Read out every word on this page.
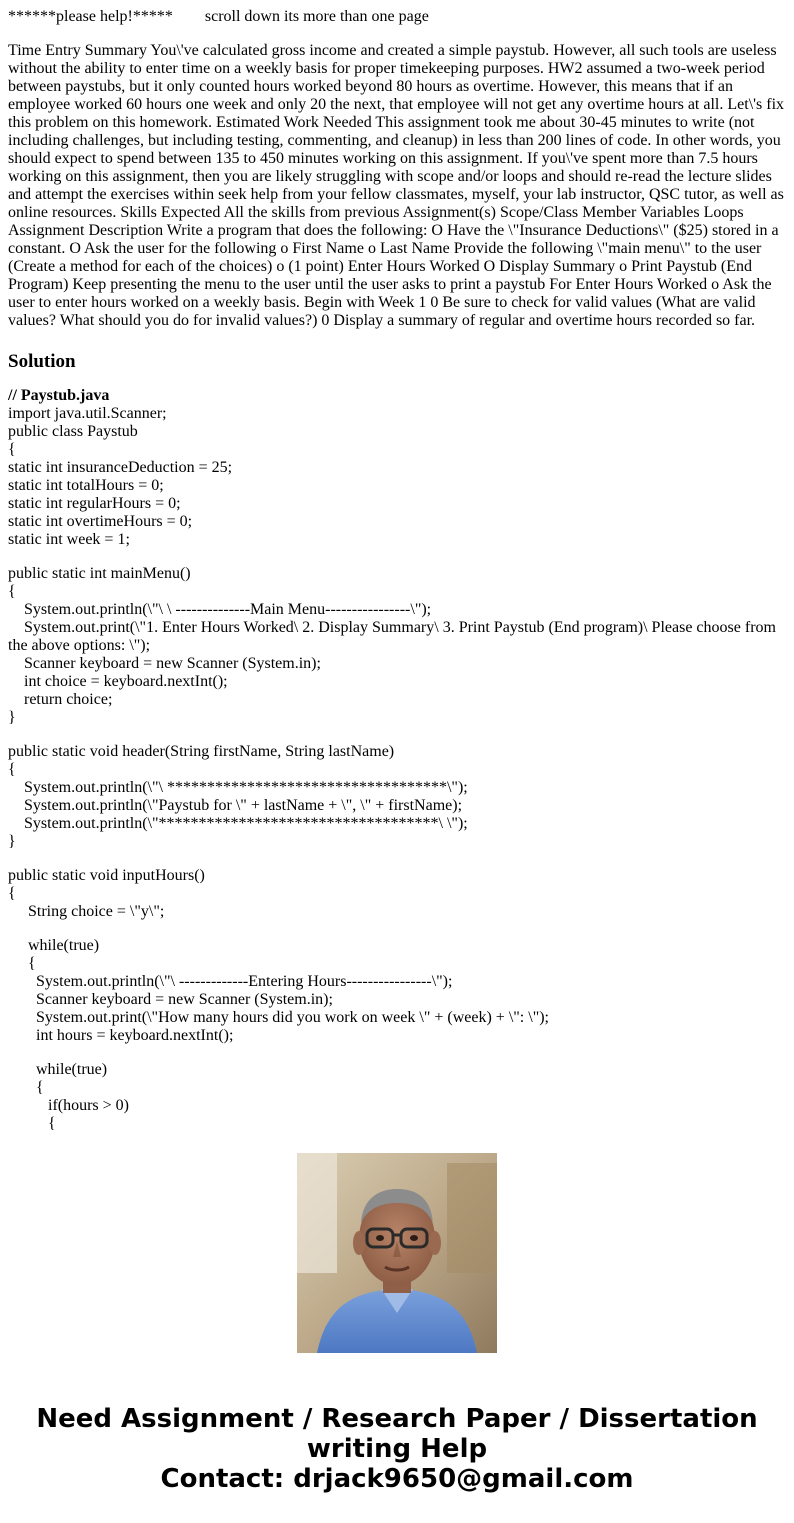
******please help!***** scroll down its more than one page

Time Entry Summary You\'ve calculated gross income and created a simple paystub. However, all such tools are useless without the ability to enter time on a weekly basis for proper timekeeping purposes. HW2 assumed a two-week period between paystubs, but it only counted hours worked beyond 80 hours as overtime. However, this means that if an employee worked 60 hours one week and only 20 the next, that employee will not get any overtime hours at all. Let\'s fix this problem on this homework. Estimated Work Needed This assignment took me about 30-45 minutes to write (not including challenges, but including testing, commenting, and cleanup) in less than 200 lines of code. In other words, you should expect to spend between 135 to 450 minutes working on this assignment. If you\'ve spent more than 7.5 hours working on this assignment, then you are likely struggling with scope and/or loops and should re-read the lecture slides and attempt the exercises within seek help from your fellow classmates, myself, your lab instructor, QSC tutor, as well as online resources. Skills Expected All the skills from previous Assignment(s) Scope/Class Member Variables Loops Assignment Description Write a program that does the following: O Have the \"Insurance Deductions\" ($25) stored in a constant. O Ask the user for the following o First Name o Last Name Provide the following \"main menu\" to the user (Create a method for each of the choices) o (1 point) Enter Hours Worked O Display Summary o Print Paystub (End Program) Keep presenting the menu to the user until the user asks to print a paystub For Enter Hours Worked o Ask the user to enter hours worked on a weekly basis. Begin with Week 1 0 Be sure to check for valid values (What are valid values? What should you do for invalid values?) 0 Display a summary of regular and overtime hours recorded so far.

Solution
// Paystub.java
import java.util.Scanner;
public class Paystub
{
static int insuranceDeduction = 25;
static int totalHours = 0;
static int regularHours = 0;
static int overtimeHours = 0;
static int week = 1;
public static int mainMenu()
{
System.out.println(\"\ \ --------------Main Menu----------------\");
System.out.print(\"1. Enter Hours Worked\ 2. Display Summary\ 3. Print Paystub (End program)\ Please choose from the above options: \");
Scanner keyboard = new Scanner (System.in);
int choice = keyboard.nextInt();
return choice;
}
public static void header(String firstName, String lastName)
{
System.out.println(\"\ ***********************************\");
System.out.println(\"Paystub for \" + lastName + \", \" + firstName);
System.out.println(\"***********************************\ \");
}
public static void inputHours()
{
String choice = \"y\";
while(true)
{
System.out.println(\"\ -------------Entering Hours----------------\");
Scanner keyboard = new Scanner (System.in);
System.out.print(\"How many hours did you work on week \" + (week) + \": \");
int hours = keyboard.nextInt();
while(true)
{
if(hours > 0)
{
Need Assignment / Research Paper / Dissertation
writing Help
Contact: drjack9650@gmail.com
